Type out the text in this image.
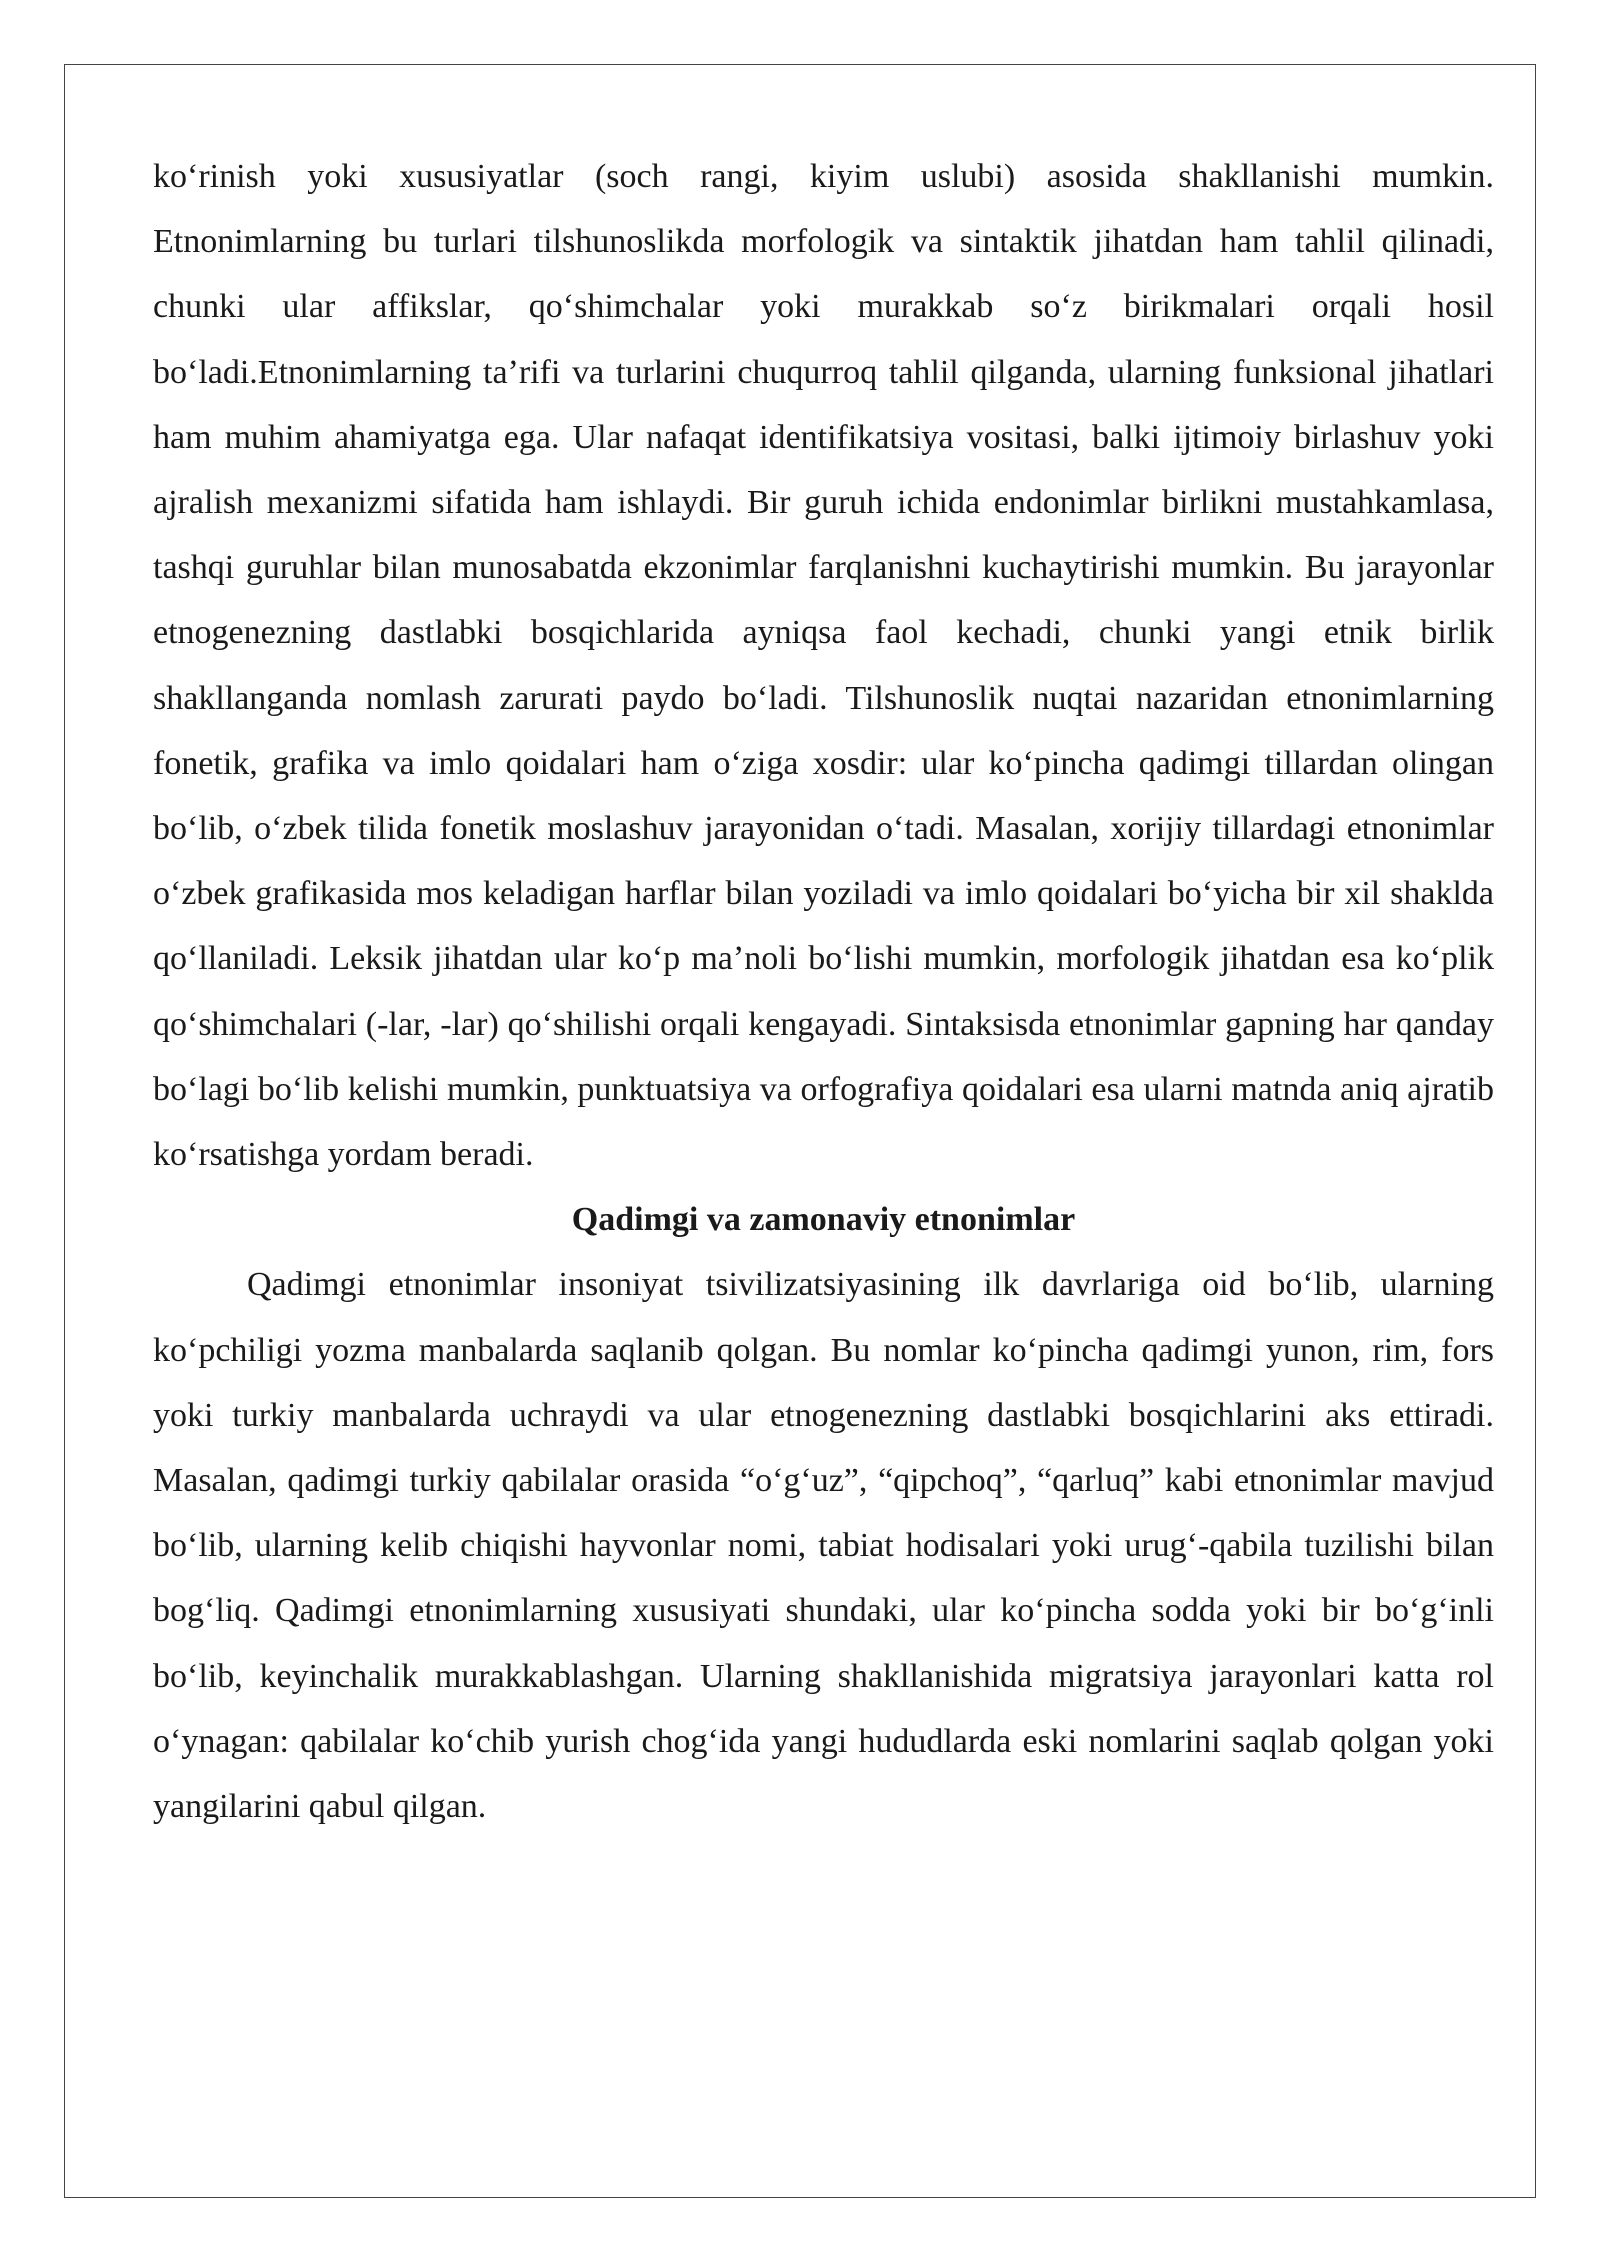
koʻrinish yoki xususiyatlar (soch rangi, kiyim uslubi) asosida shakllanishi mumkin. Etnonimlarning bu turlari tilshunoslikda morfologik va sintaktik jihatdan ham tahlil qilinadi, chunki ular affikslar, qoʻshimchalar yoki murakkab soʻz birikmalari orqali hosil boʻladi.Etnonimlarning taʼrifi va turlarini chuqurroq tahlil qilganda, ularning funksional jihatlari ham muhim ahamiyatga ega. Ular nafaqat identifikatsiya vositasi, balki ijtimoiy birlashuv yoki ajralish mexanizmi sifatida ham ishlaydi. Bir guruh ichida endonimlar birlikni mustahkamlasa, tashqi guruhlar bilan munosabatda ekzonimlar farqlanishni kuchaytirishi mumkin. Bu jarayonlar etnogenezning dastlabki bosqichlarida ayniqsa faol kechadi, chunki yangi etnik birlik shakllanganda nomlash zarurati paydo boʻladi. Tilshunoslik nuqtai nazaridan etnonimlarning fonetik, grafika va imlo qoidalari ham oʻziga xosdir: ular koʻpincha qadimgi tillardan olingan boʻlib, oʻzbek tilida fonetik moslashuv jarayonidan oʻtadi. Masalan, xorijiy tillardagi etnonimlar oʻzbek grafikasida mos keladigan harflar bilan yoziladi va imlo qoidalari boʻyicha bir xil shaklda qoʻllaniladi. Leksik jihatdan ular koʻp maʼnoli boʻlishi mumkin, morfologik jihatdan esa koʻplik qoʻshimchalari (-lar, -lar) qoʻshilishi orqali kengayadi. Sintaksisda etnonimlar gapning har qanday boʻlagi boʻlib kelishi mumkin, punktuatsiya va orfografiya qoidalari esa ularni matnda aniq ajratib koʻrsatishga yordam beradi.

Qadimgi va zamonaviy etnonimlar

Qadimgi etnonimlar insoniyat tsivilizatsiyasining ilk davrlariga oid boʻlib, ularning koʻpchiligi yozma manbalarda saqlanib qolgan. Bu nomlar koʻpincha qadimgi yunon, rim, fors yoki turkiy manbalarda uchraydi va ular etnogenezning dastlabki bosqichlarini aks ettiradi. Masalan, qadimgi turkiy qabilalar orasida “oʻgʻuz”, “qipchoq”, “qarluq” kabi etnonimlar mavjud boʻlib, ularning kelib chiqishi hayvonlar nomi, tabiat hodisalari yoki urugʻ-qabila tuzilishi bilan bogʻliq. Qadimgi etnonimlarning xususiyati shundaki, ular koʻpincha sodda yoki bir boʻgʻinli boʻlib, keyinchalik murakkablashgan. Ularning shakllanishida migratsiya jarayonlari katta rol oʻynagan: qabilalar koʻchib yurish chogʻida yangi hududlarda eski nomlarini saqlab qolgan yoki yangilarini qabul qilgan.
